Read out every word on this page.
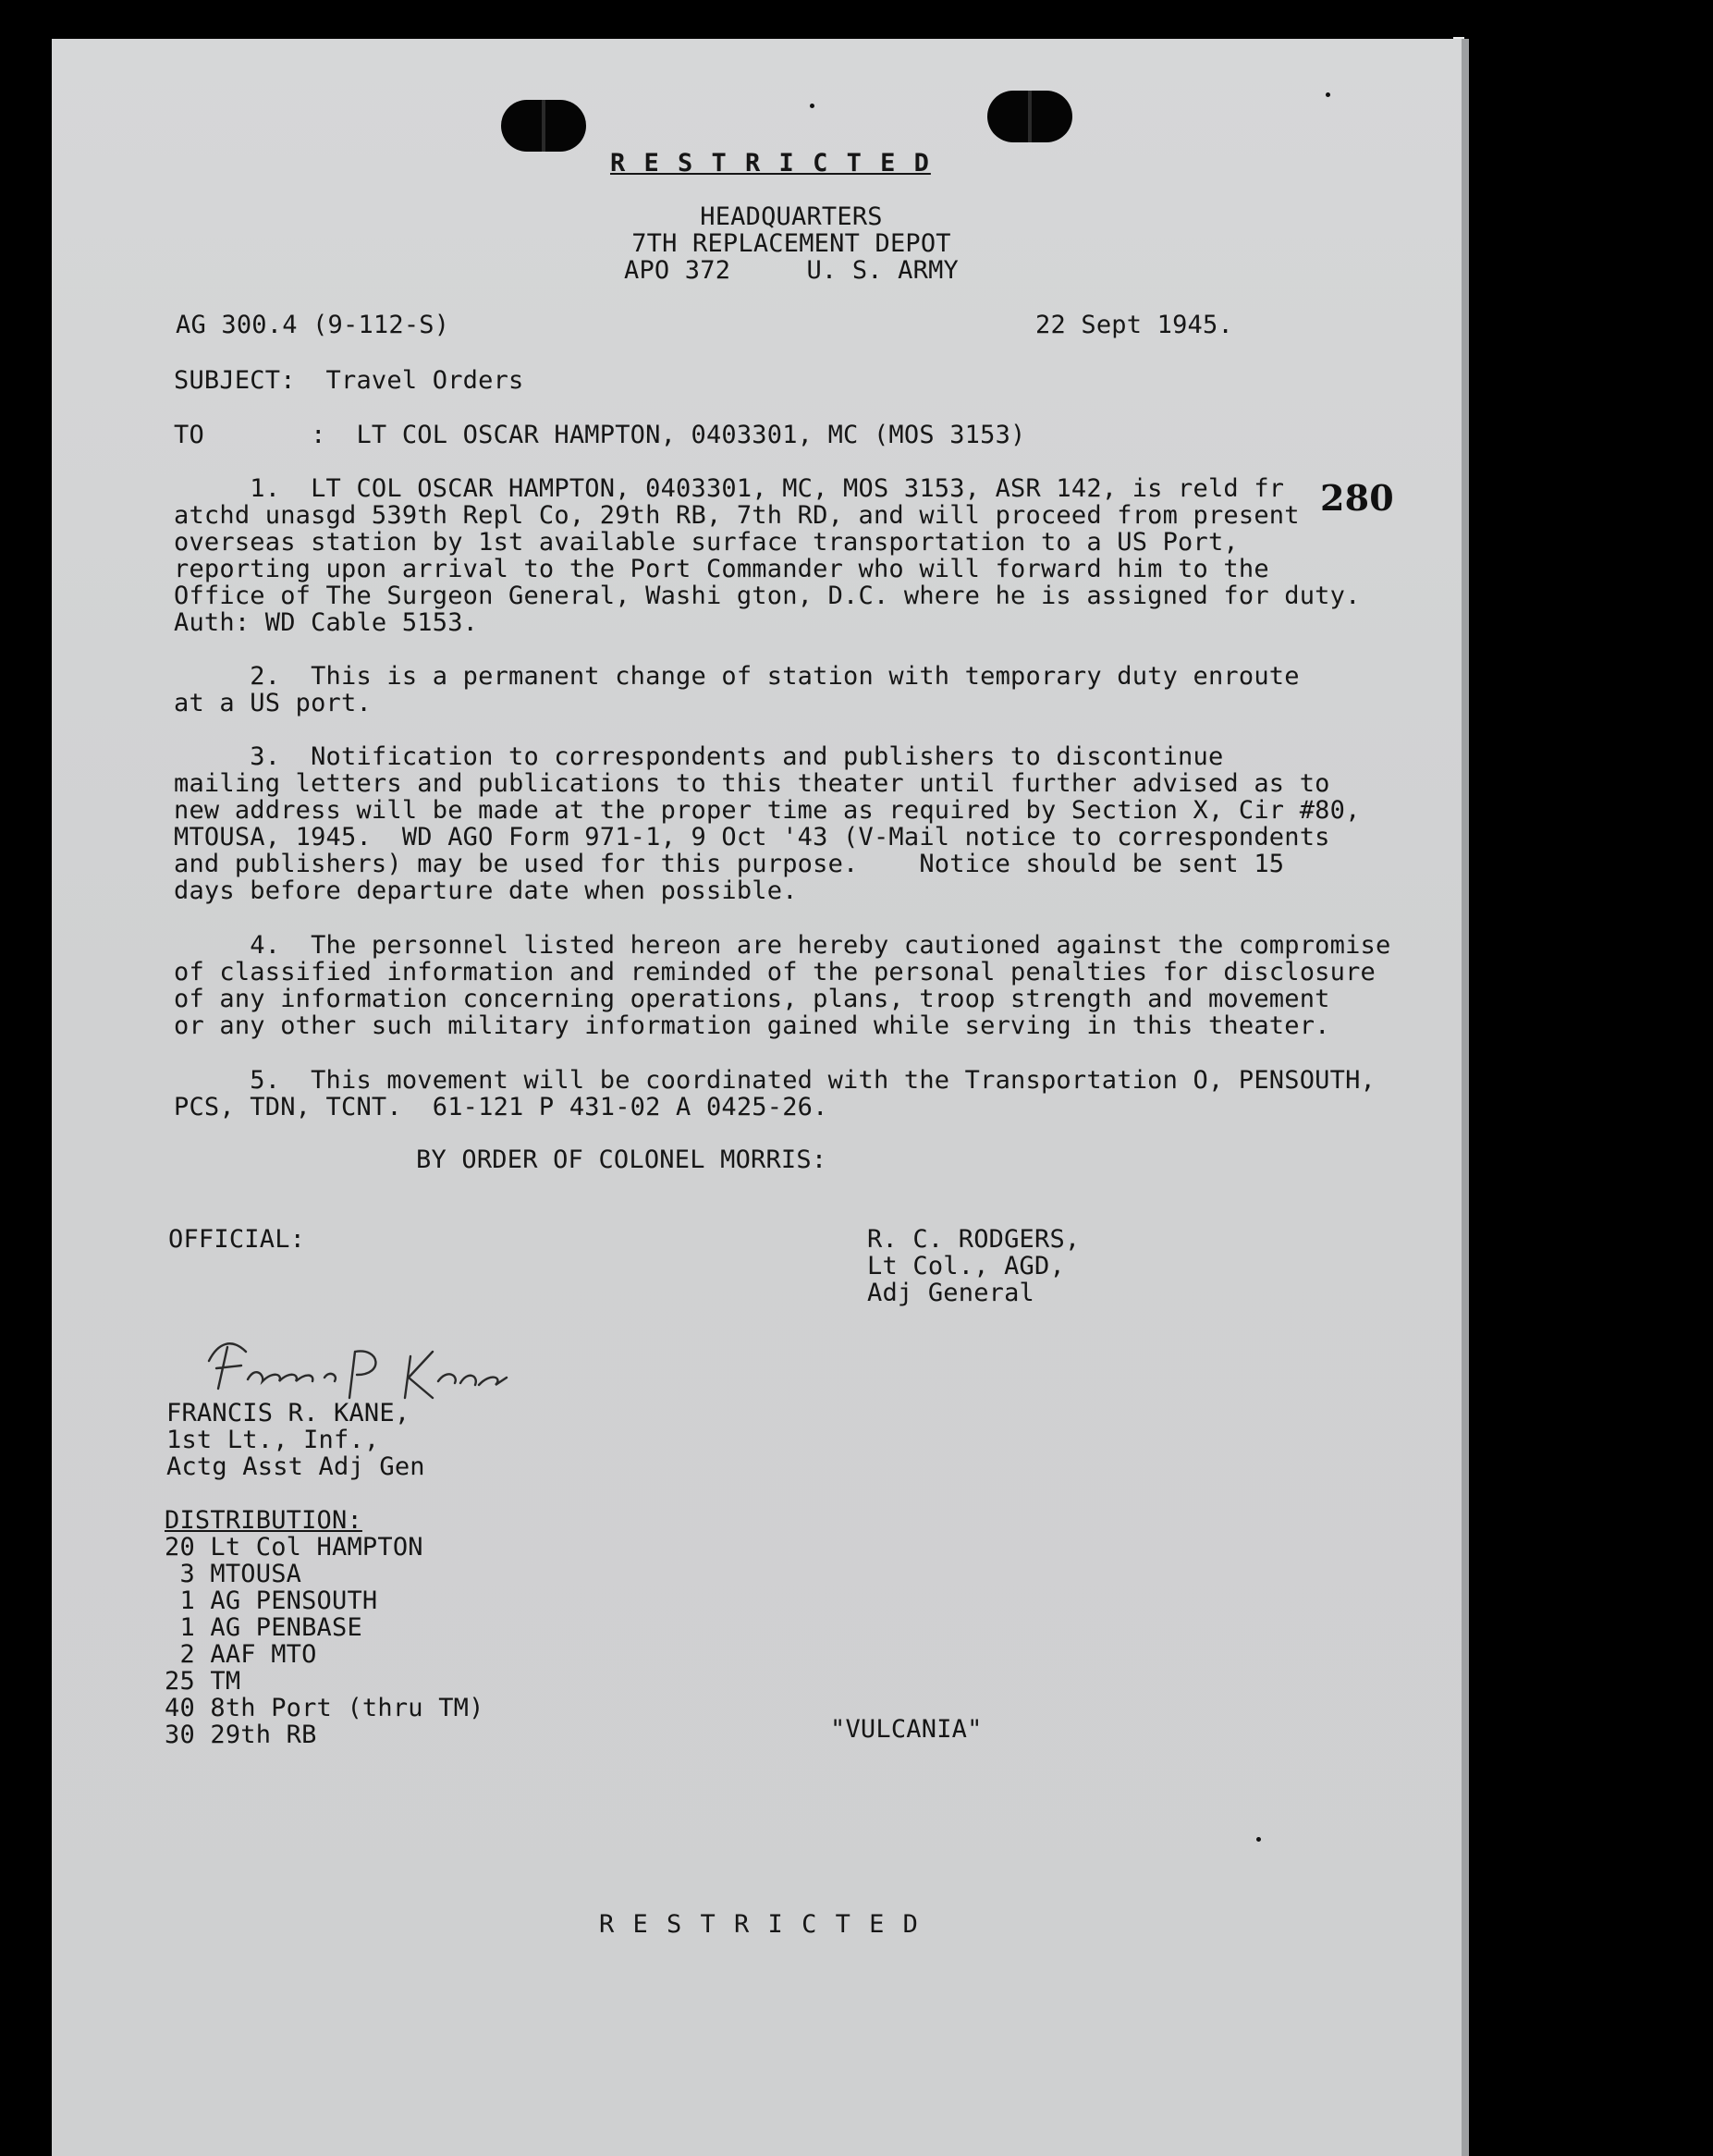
R E S T R I C T E D

HEADQUARTERS

7TH REPLACEMENT DEPOT

APO 372     U. S. ARMY

AG 300.4 (9-112-S)	22 Sept 1945.

SUBJECT:  Travel Orders

TO       :  LT COL OSCAR HAMPTON, 0403301, MC (MOS 3153)

280

1.  LT COL OSCAR HAMPTON, 0403301, MC, MOS 3153, ASR 142, is reld fr

atchd unasgd 539th Repl Co, 29th RB, 7th RD, and will proceed from present

overseas station by 1st available surface transportation to a US Port,

reporting upon arrival to the Port Commander who will forward him to the

Office of The Surgeon General, Washi gton, D.C. where he is assigned for duty.

Auth: WD Cable 5153.

2.  This is a permanent change of station with temporary duty enroute

at a US port.

3.  Notification to correspondents and publishers to discontinue

mailing letters and publications to this theater until further advised as to

new address will be made at the proper time as required by Section X, Cir #80,

MTOUSA, 1945.  WD AGO Form 971-1, 9 Oct '43 (V-Mail notice to correspondents

and publishers) may be used for this purpose.    Notice should be sent 15

days before departure date when possible.

4.  The personnel listed hereon are hereby cautioned against the compromise

of classified information and reminded of the personal penalties for disclosure

of any information concerning operations, plans, troop strength and movement

or any other such military information gained while serving in this theater.

5.  This movement will be coordinated with the Transportation O, PENSOUTH,

PCS, TDN, TCNT.  61-121 P 431-02 A 0425-26.

BY ORDER OF COLONEL MORRIS:

OFFICIAL:

FRANCIS R. KANE,

1st Lt., Inf.,

Actg Asst Adj Gen

R. C. RODGERS,

Lt Col., AGD,

Adj General

DISTRIBUTION:

20 Lt Col HAMPTON

3 MTOUSA

1 AG PENSOUTH

1 AG PENBASE

2 AAF MTO

25 TM

40 8th Port (thru TM)

30 29th RB	"VULCANIA"

R E S T R I C T E D
